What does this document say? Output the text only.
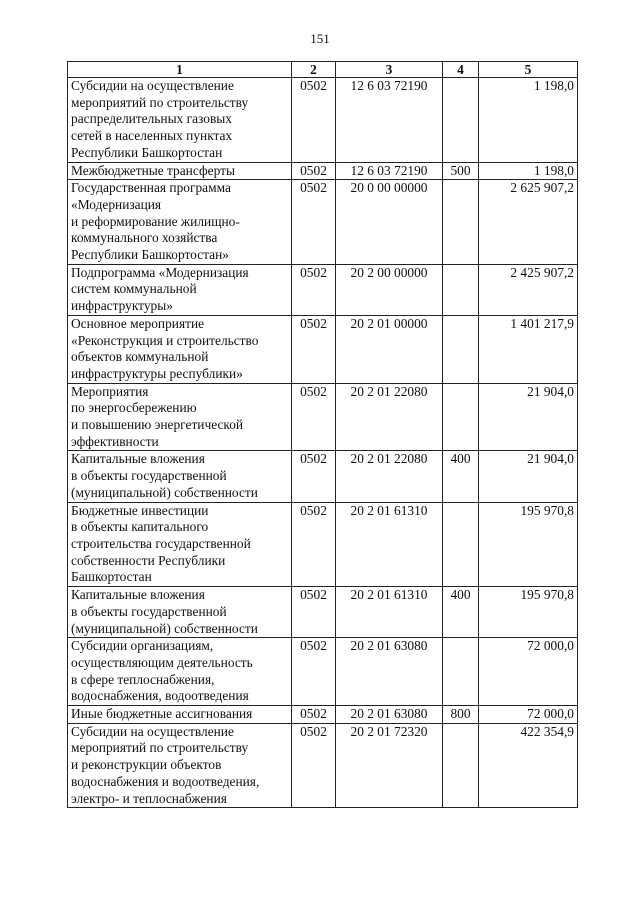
151
1	2	3	4	5

Субсидии на осуществление
мероприятий по строительству
распределительных газовых
сетей в населенных пунктах
Республики Башкортостан	0502	12 6 03 72190		1 198,0

Межбюджетные трансферты	0502	12 6 03 72190	500	1 198,0

Государственная программа
«Модернизация
и реформирование жилищно-
коммунального хозяйства
Республики Башкортостан»	0502	20 0 00 00000		2 625 907,2

Подпрограмма «Модернизация
систем коммунальной
инфраструктуры»	0502	20 2 00 00000		2 425 907,2

Основное мероприятие
«Реконструкция и строительство
объектов коммунальной
инфраструктуры республики»	0502	20 2 01 00000		1 401 217,9

Мероприятия
по энергосбережению
и повышению энергетической
эффективности	0502	20 2 01 22080		21 904,0

Капитальные вложения
в объекты государственной
(муниципальной) собственности	0502	20 2 01 22080	400	21 904,0

Бюджетные инвестиции
в объекты капитального
строительства государственной
собственности Республики
Башкортостан	0502	20 2 01 61310		195 970,8

Капитальные вложения
в объекты государственной
(муниципальной) собственности	0502	20 2 01 61310	400	195 970,8

Субсидии организациям,
осуществляющим деятельность
в сфере теплоснабжения,
водоснабжения, водоотведения	0502	20 2 01 63080		72 000,0

Иные бюджетные ассигнования	0502	20 2 01 63080	800	72 000,0

Субсидии на осуществление
мероприятий по строительству
и реконструкции объектов
водоснабжения и водоотведения,
электро- и теплоснабжения	0502	20 2 01 72320		422 354,9
